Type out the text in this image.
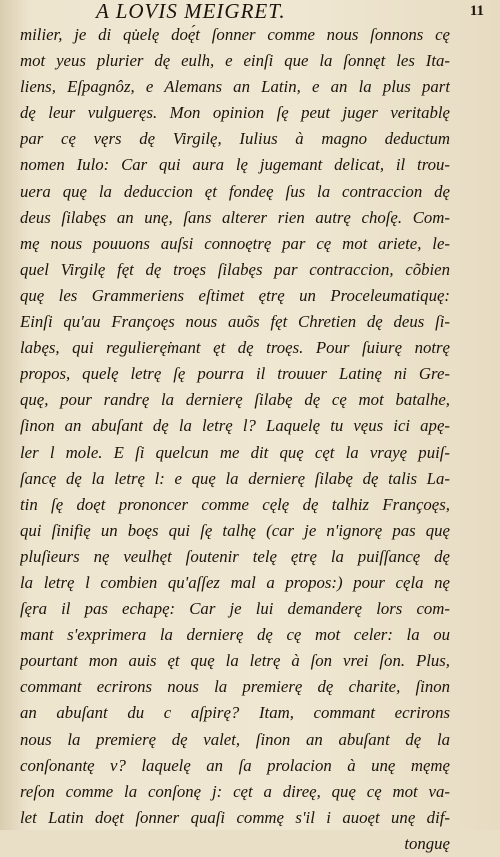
A LOVIS MEIGRET.	11
milier, je di qu̇elę doę́t ſonner comme nous ſonnons cę
mot yeus plurier dę eulh, e einſi que la ſonnęt les Ita-
liens, Eſpagnôz, e Alemans an Latin, e an la plus part
dę leur vulgueręs. Mon opinion ſę peut juger veritablę
par cę vęrs dę Virgilę, Iulius à magno deductum
nomen Iulo: Car qui aura lę jugemant delicat, il trou-
uera quę la deduccion ęt fondeę ſus la contraccion dę
deus ſilabęs an unę, ſans alterer rien autrę choſę. Com-
mę nous pouuons auſsi connoętrę par cę mot ariete, le-
quel Virgilę fęt dę troęs ſilabęs par contraccion, cõbien
quę les Grammeriens eſtimet ętrę un Proceleumatiquę:
Einſi qu'au Françoęs nous auõs fęt Chretien dę deus ſi-
labęs, qui regulierę̇mant ęt dę troęs. Pour ſuiurę notrę
propos, quelę letrę ſę pourra il trouuer Latinę ni Gre-
quę, pour randrę la dernierę ſilabę dę cę mot batalhe,
ſinon an abuſant dę la letrę l? Laquelę tu vęus ici apę-
ler l mole. E ſi quelcun me dit quę cęt la vrayę puiſ-
ſancę dę la letrę l: e quę la dernierę ſilabę dę talis La-
tin ſę doęt prononcer comme cęlę dę talhiz Françoęs,
qui ſinifię un boęs qui ſę talhę (car je n'ignorę pas quę
pluſieurs nę veulhęt ſoutenir telę ętrę la puiſſancę dę
la letrę l combien qu'aſſez mal a propos:) pour cęla nę
ſęra il pas echapę: Car je lui demanderę lors com-
mant s'exprimera la dernierę dę cę mot celer: la ou
pourtant mon auis ęt quę la letrę à ſon vrei ſon. Plus,
commant ecrirons nous la premierę dę charite, ſinon
an abuſant du c aſpirę? Itam, commant ecrirons
nous la premierę dę valet, ſinon an abuſant dę la
conſonantę v? laquelę an ſa prolacion à unę męmę
reſon comme la conſonę j: cęt a direę, quę cę mot va-
let Latin doęt ſonner quaſi commę s'il i auoęt unę dif-
tonguę
